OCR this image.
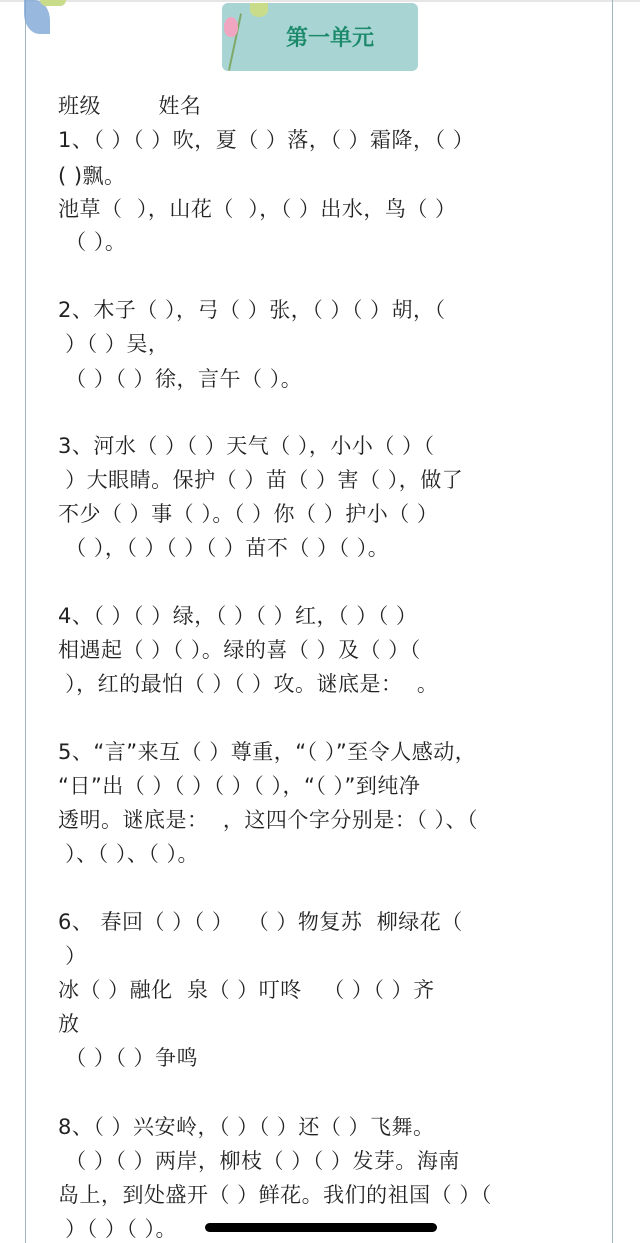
第一单元
班级        姓名
1、（ ）（ ）吹，夏（ ）落，（ ）霜降，（ ）
( )飘。
池草（  ），山花（  ），（ ）出水，鸟（ ）
（ ）。
2、木子（ ），弓（ ）张，（ ）（ ）胡，（
）（ ）吴，
（ ）（ ）徐，言午（ ）。
3、河水（ ）（ ）天气（ ），小小（ ）（
）大眼睛。保护（ ）苗（ ）害（ ），做了
不少（ ）事（ ）。（ ）你（ ）护小（ ）
（ ），（ ）（ ）（ ）苗不（ ）（ ）。
4、（ ）（ ）绿，（ ）（ ）红，（ ）（ ）
相遇起（ ）（ ）。绿的喜（ ）及（ ）（
），红的最怕（ ）（ ）攻。谜底是：  。
5、“言”来互（ ）尊重，“（ ）”至令人感动，
“日”出（ ）（ ）（ ）（ ），“（ ）”到纯净
透明。谜底是：  ，这四个字分别是：（ ）、（
）、（ ）、（ ）。
6、 春回（ ）（ ）  （ ）物复苏  柳绿花（
）
冰（ ）融化  泉（ ）叮咚   （ ）（ ）齐
放
（ ）（ ）争鸣
8、（ ）兴安岭，（ ）（ ）还（ ）飞舞。
（ ）（ ）两岸，柳枝（ ）（ ）发芽。海南
岛上，到处盛开（ ）鲜花。我们的祖国（ ）（
）（ ）（ ）。
